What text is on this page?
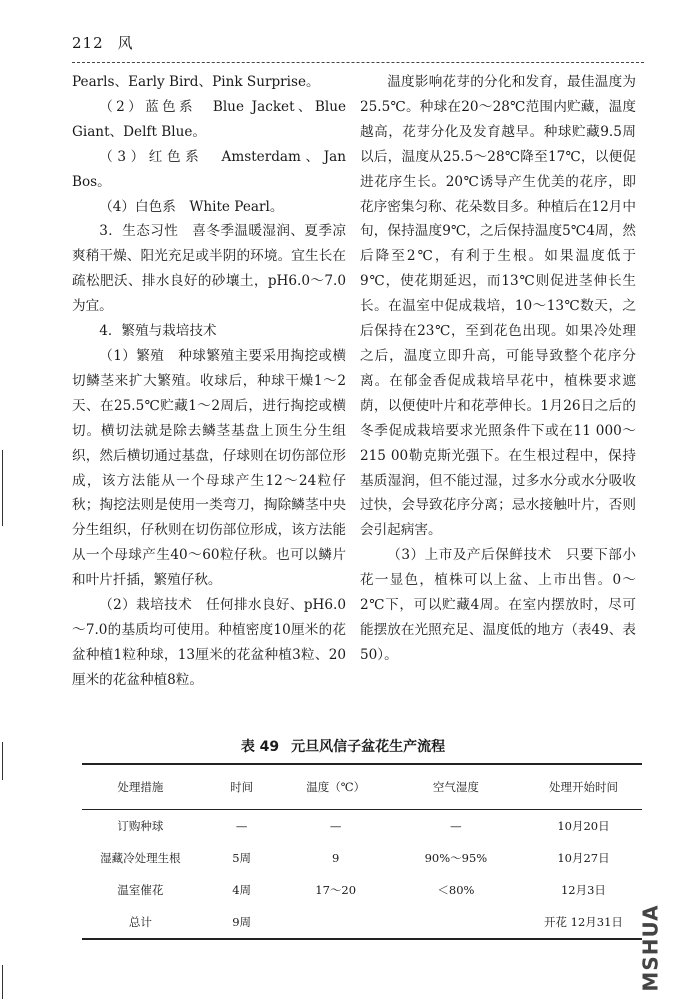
212 风

Pearls、Early Bird、Pink Surprise。

（2）蓝色系　Blue Jacket、Blue Giant、Delft Blue。

（3）红色系　Amsterdam、Jan Bos。

（4）白色系　White Pearl。

3．生态习性　喜冬季温暖湿润、夏季凉爽稍干燥、阳光充足或半阴的环境。宜生长在疏松肥沃、排水良好的砂壤土，pH6.0～7.0为宜。

4．繁殖与栽培技术

（1）繁殖　种球繁殖主要采用掏挖或横切鳞茎来扩大繁殖。收球后，种球干燥1～2天、在25.5℃贮藏1～2周后，进行掏挖或横切。横切法就是除去鳞茎基盘上顶生分生组织，然后横切通过基盘，仔球则在切伤部位形成，该方法能从一个母球产生12～24粒仔秋；掏挖法则是使用一类弯刀，掏除鳞茎中央分生组织，仔秋则在切伤部位形成，该方法能从一个母球产生40～60粒仔秋。也可以鳞片和叶片扦插，繁殖仔秋。

（2）栽培技术　任何排水良好、pH6.0～7.0的基质均可使用。种植密度10厘米的花盆种植1粒种球，13厘米的花盆种植3粒、20厘米的花盆种植8粒。

温度影响花芽的分化和发育，最佳温度为25.5℃。种球在20～28℃范围内贮藏，温度越高，花芽分化及发育越早。种球贮藏9.5周以后，温度从25.5～28℃降至17℃，以便促进花序生长。20℃诱导产生优美的花序，即花序密集匀称、花朵数目多。种植后在12月中旬，保持温度9℃，之后保持温度5℃4周，然后降至2℃，有利于生根。如果温度低于9℃，使花期延迟，而13℃则促进茎伸长生长。在温室中促成栽培，10～13℃数天，之后保持在23℃，至到花色出现。如果冷处理之后，温度立即升高，可能导致整个花序分离。在郁金香促成栽培早花中，植株要求遮荫，以便使叶片和花葶伸长。1月26日之后的冬季促成栽培要求光照条件下或在11 000～215 00勒克斯光强下。在生根过程中，保持基质湿润，但不能过湿，过多水分或水分吸收过快，会导致花序分离；忌水接触叶片，否则会引起病害。

（3）上市及产后保鲜技术　只要下部小花一显色，植株可以上盆、上市出售。0～2℃下，可以贮藏4周。在室内摆放时，尽可能摆放在光照充足、温度低的地方（表49、表50）。

表 49 元旦风信子盆花生产流程
处理措施	时间	温度（℃）	空气湿度	处理开始时间
订购种球	—	—	—	10月20日
湿藏冷处理生根	5周	9	90%～95%	10月27日
温室催花	4周	17～20	＜80%	12月3日
总计	9周			开花 12月31日 MSHUA
